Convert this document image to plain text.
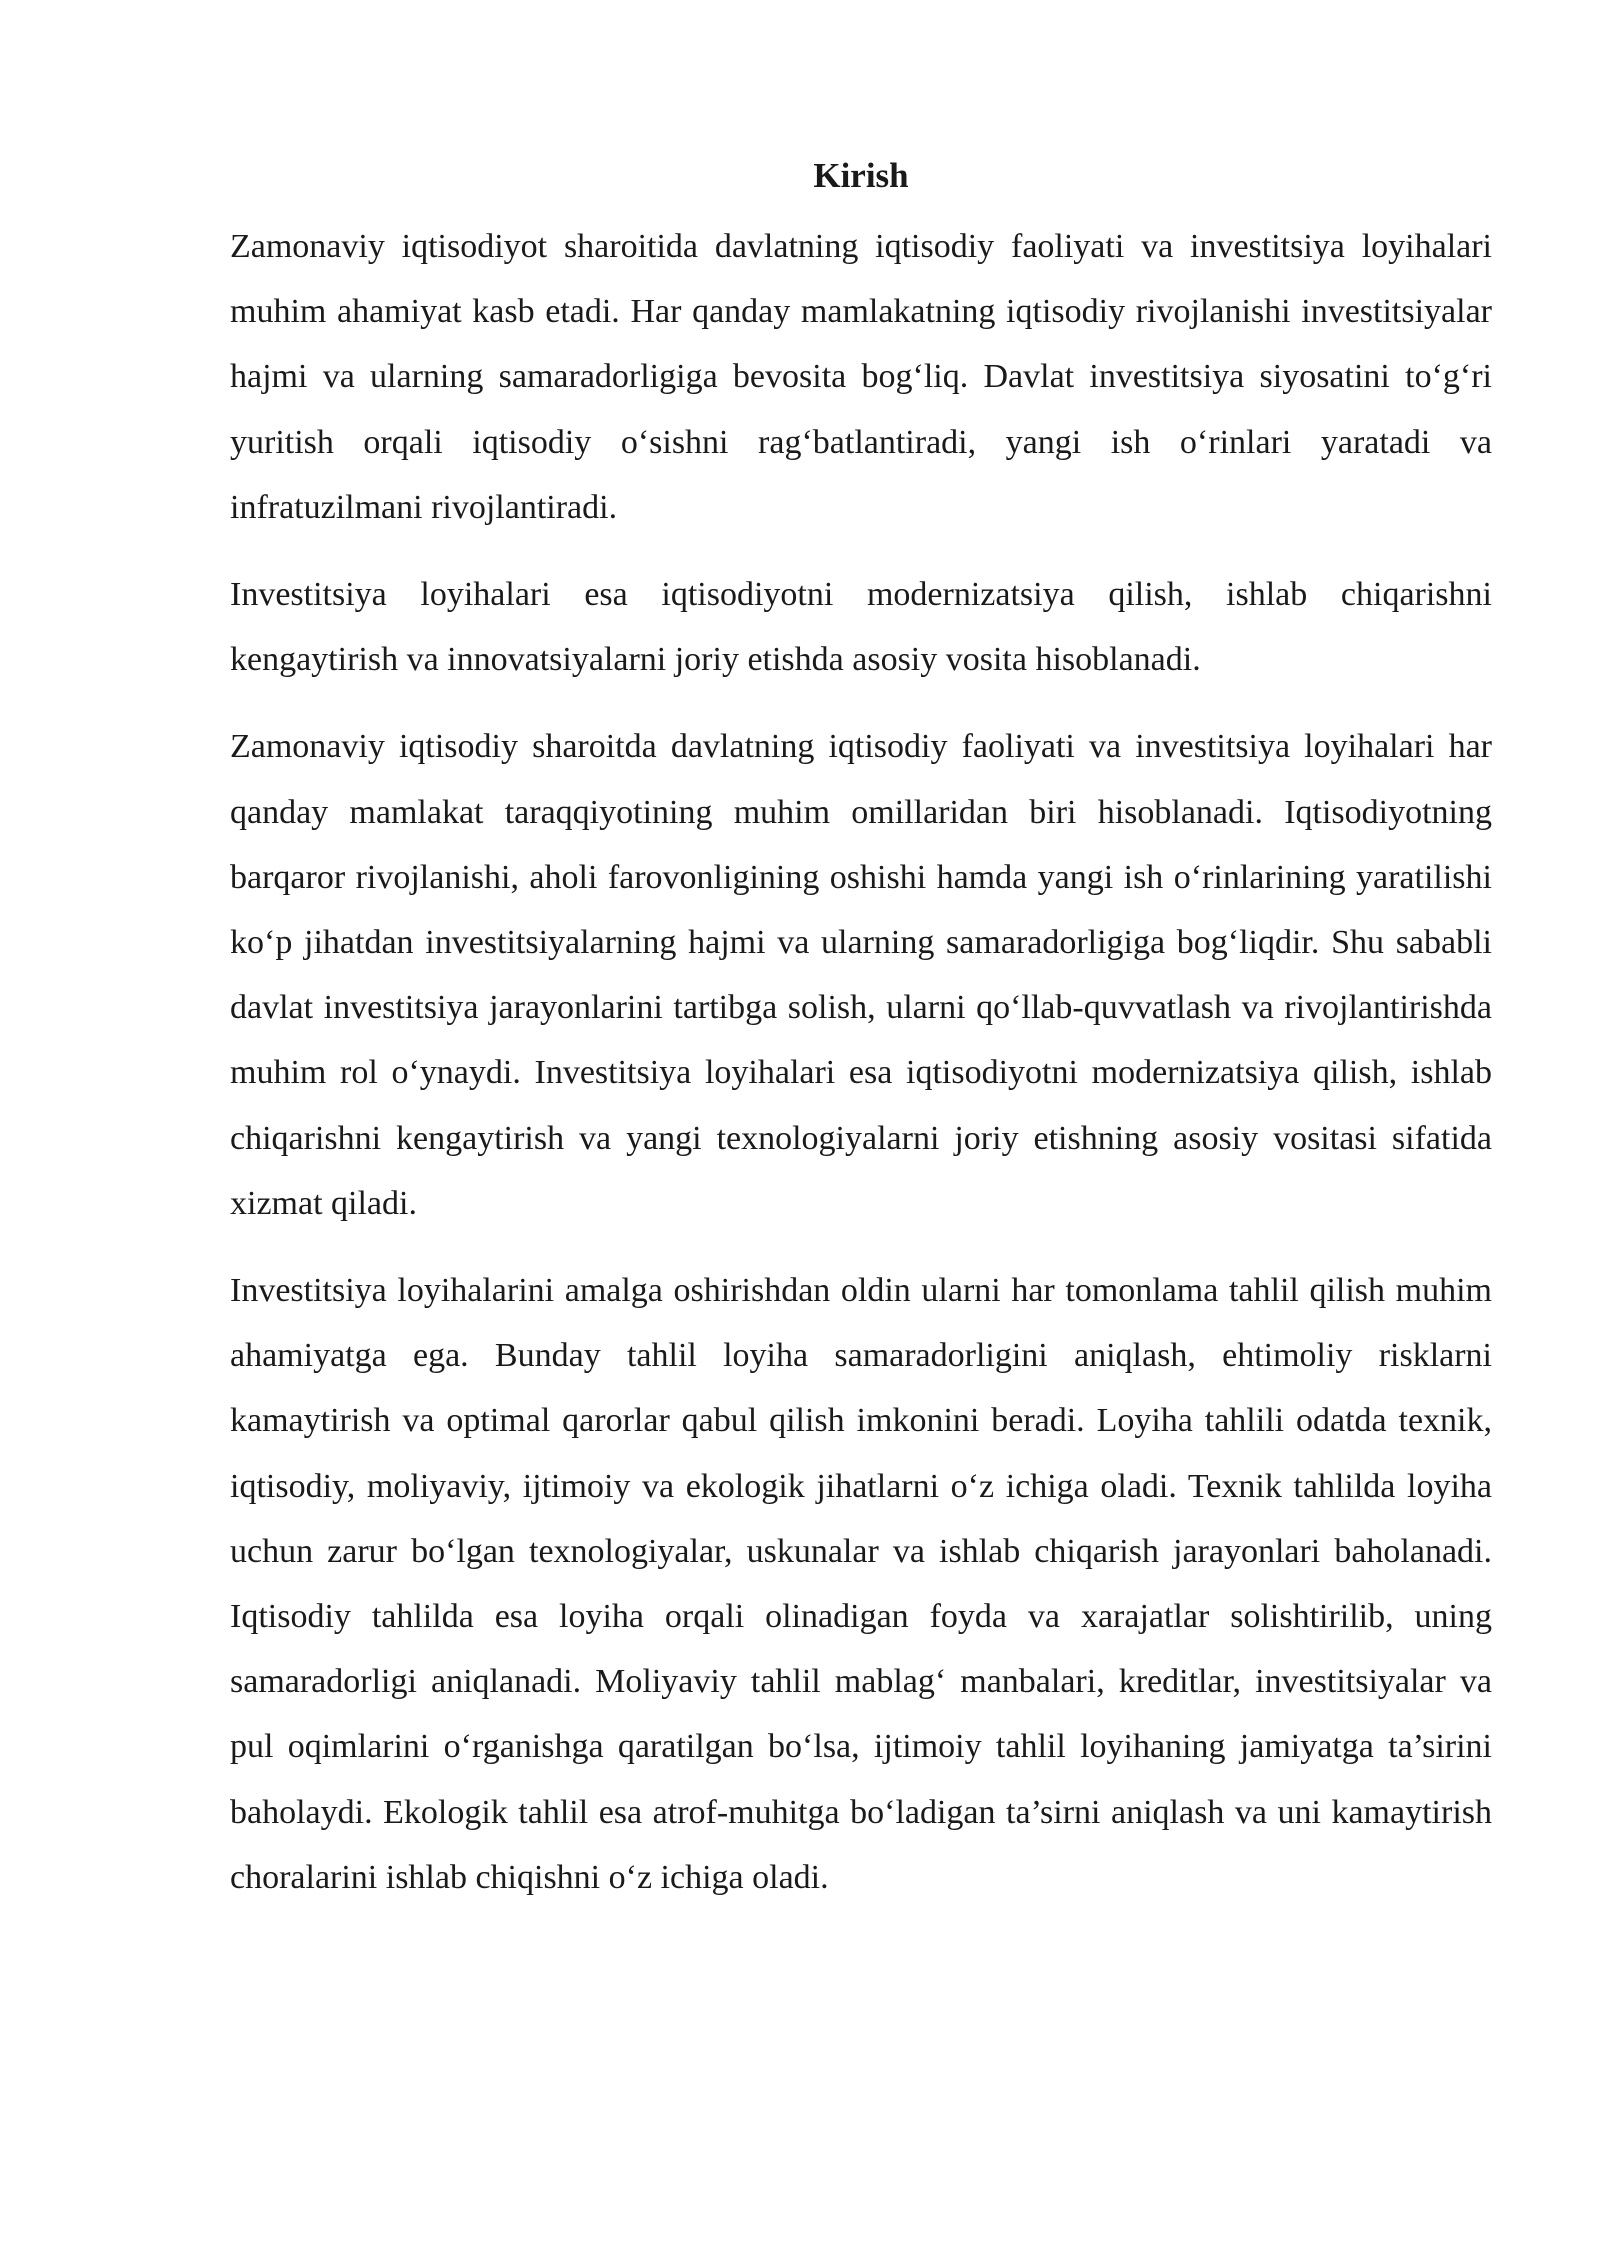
Kirish

Zamonaviy iqtisodiyot sharoitida davlatning iqtisodiy faoliyati va investitsiya loyihalari muhim ahamiyat kasb etadi. Har qanday mamlakatning iqtisodiy rivojlanishi investitsiyalar hajmi va ularning samaradorligiga bevosita bog‘liq. Davlat investitsiya siyosatini to‘g‘ri yuritish orqali iqtisodiy o‘sishni rag‘batlantiradi, yangi ish o‘rinlari yaratadi va infratuzilmani rivojlantiradi.

Investitsiya loyihalari esa iqtisodiyotni modernizatsiya qilish, ishlab chiqarishni kengaytirish va innovatsiyalarni joriy etishda asosiy vosita hisoblanadi.

Zamonaviy iqtisodiy sharoitda davlatning iqtisodiy faoliyati va investitsiya loyihalari har qanday mamlakat taraqqiyotining muhim omillaridan biri hisoblanadi. Iqtisodiyotning barqaror rivojlanishi, aholi farovonligining oshishi hamda yangi ish o‘rinlarining yaratilishi ko‘p jihatdan investitsiyalarning hajmi va ularning samaradorligiga bog‘liqdir. Shu sababli davlat investitsiya jarayonlarini tartibga solish, ularni qo‘llab-quvvatlash va rivojlantirishda muhim rol o‘ynaydi. Investitsiya loyihalari esa iqtisodiyotni modernizatsiya qilish, ishlab chiqarishni kengaytirish va yangi texnologiyalarni joriy etishning asosiy vositasi sifatida xizmat qiladi.

Investitsiya loyihalarini amalga oshirishdan oldin ularni har tomonlama tahlil qilish muhim ahamiyatga ega. Bunday tahlil loyiha samaradorligini aniqlash, ehtimoliy risklarni kamaytirish va optimal qarorlar qabul qilish imkonini beradi. Loyiha tahlili odatda texnik, iqtisodiy, moliyaviy, ijtimoiy va ekologik jihatlarni o‘z ichiga oladi. Texnik tahlilda loyiha uchun zarur bo‘lgan texnologiyalar, uskunalar va ishlab chiqarish jarayonlari baholanadi. Iqtisodiy tahlilda esa loyiha orqali olinadigan foyda va xarajatlar solishtirilib, uning samaradorligi aniqlanadi. Moliyaviy tahlil mablag‘ manbalari, kreditlar, investitsiyalar va pul oqimlarini o‘rganishga qaratilgan bo‘lsa, ijtimoiy tahlil loyihaning jamiyatga ta’sirini baholaydi. Ekologik tahlil esa atrof-muhitga bo‘ladigan ta’sirni aniqlash va uni kamaytirish choralarini ishlab chiqishni o‘z ichiga oladi.
